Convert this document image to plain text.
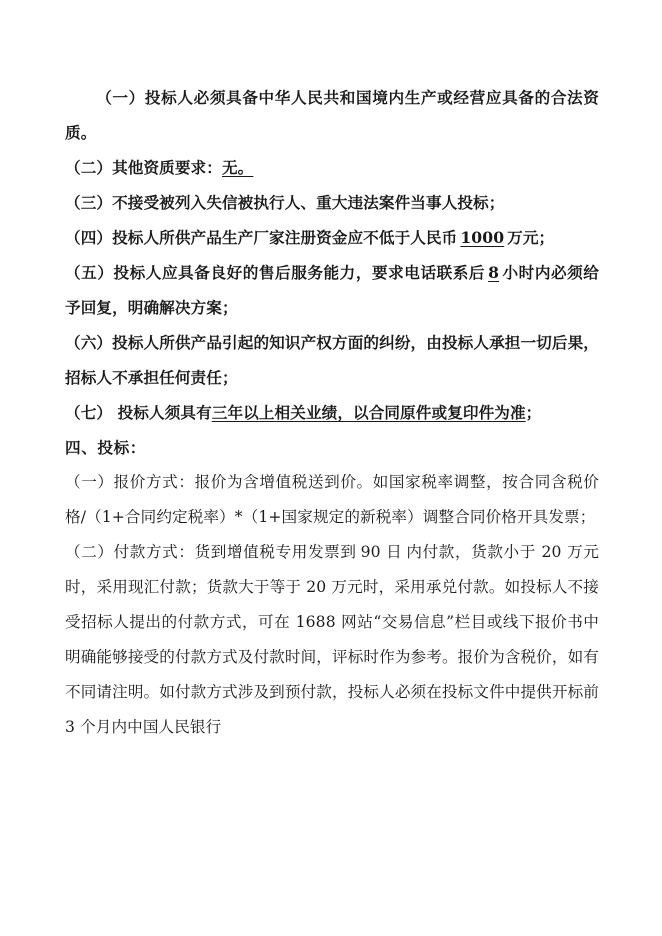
（一）投标人必须具备中华人民共和国境内生产或经营应具备的合法资质。

（二）其他资质要求：无。

（三）不接受被列入失信被执行人、重大违法案件当事人投标；

（四）投标人所供产品生产厂家注册资金应不低于人民币 1000 万元；

（五）投标人应具备良好的售后服务能力，要求电话联系后 8 小时内必须给予回复，明确解决方案；

（六）投标人所供产品引起的知识产权方面的纠纷，由投标人承担一切后果，招标人不承担任何责任；

（七） 投标人须具有三年以上相关业绩，以合同原件或复印件为准；

四、投标：

（一）报价方式：报价为含增值税送到价。如国家税率调整，按合同含税价格/（1+合同约定税率）*（1+国家规定的新税率）调整合同价格开具发票；

（二）付款方式：货到增值税专用发票到 90 日 内付款，货款小于 20 万元时，采用现汇付款；货款大于等于 20 万元时，采用承兑付款。如投标人不接受招标人提出的付款方式，可在 1688 网站“交易信息”栏目或线下报价书中明确能够接受的付款方式及付款时间，评标时作为参考。报价为含税价，如有不同请注明。如付款方式涉及到预付款，投标人必须在投标文件中提供开标前 3 个月内中国人民银行
